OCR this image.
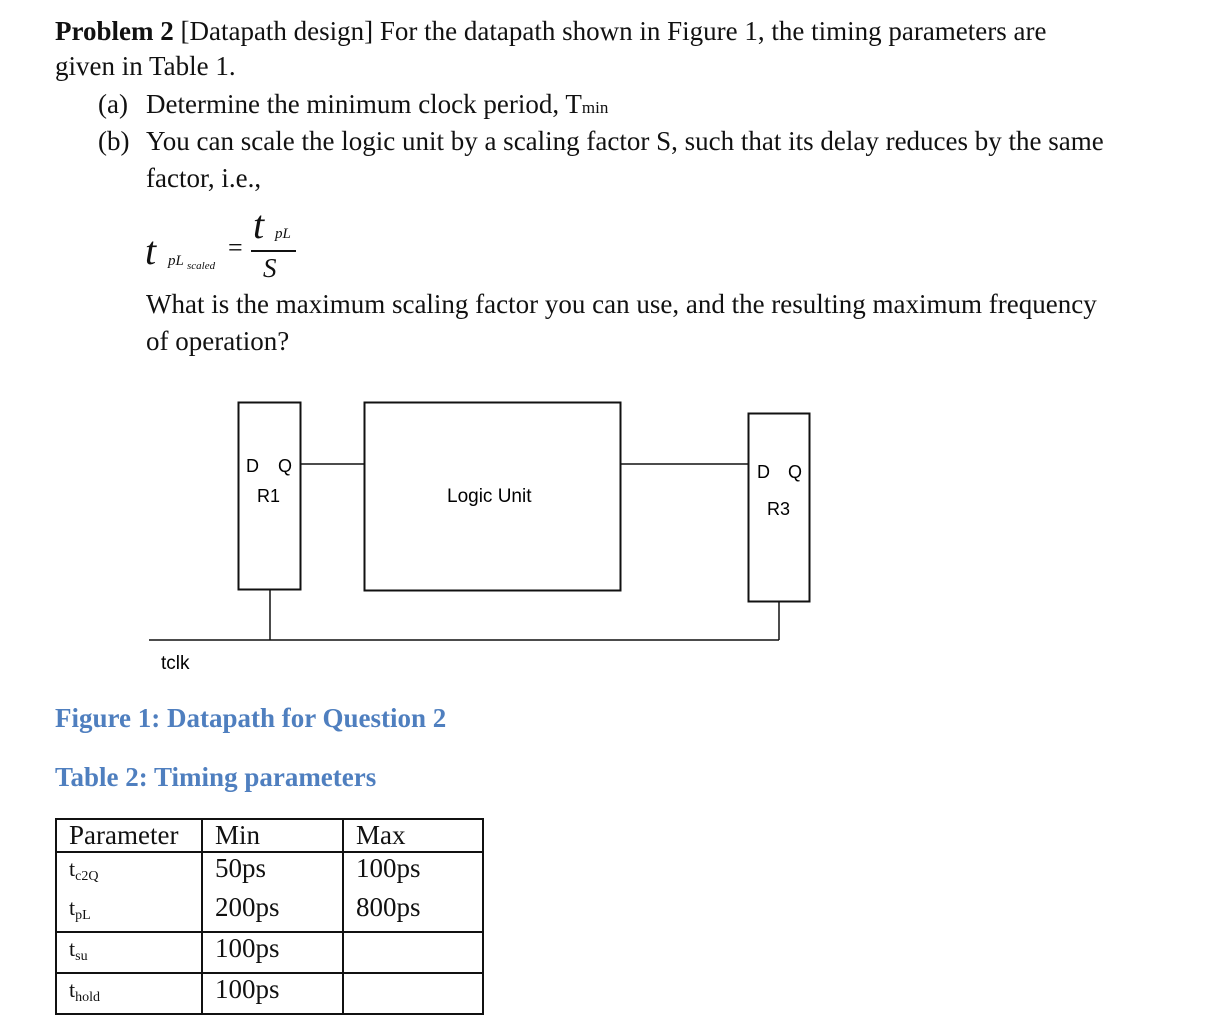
Problem 2 [Datapath design] For the datapath shown in Figure 1, the timing parameters are
given in Table 1.
(a) Determine the minimum clock period, Tmin
(b) You can scale the logic unit by a scaling factor S, such that its delay reduces by the same
factor, i.e.,
t pL scaled
=
t pL
S
What is the maximum scaling factor you can use, and the resulting maximum frequency
of operation?
D Q
R1	Logic Unit
D Q
R3
tclk
Figure 1: Datapath for Question 2
Table 2: Timing parameters
Parameter	Min	Max
$t_{c2Q}$	50ps	100ps
$t_{pL}$	200ps	800ps
$t_{su}$	100ps	
$t_{hold}$	100ps	
